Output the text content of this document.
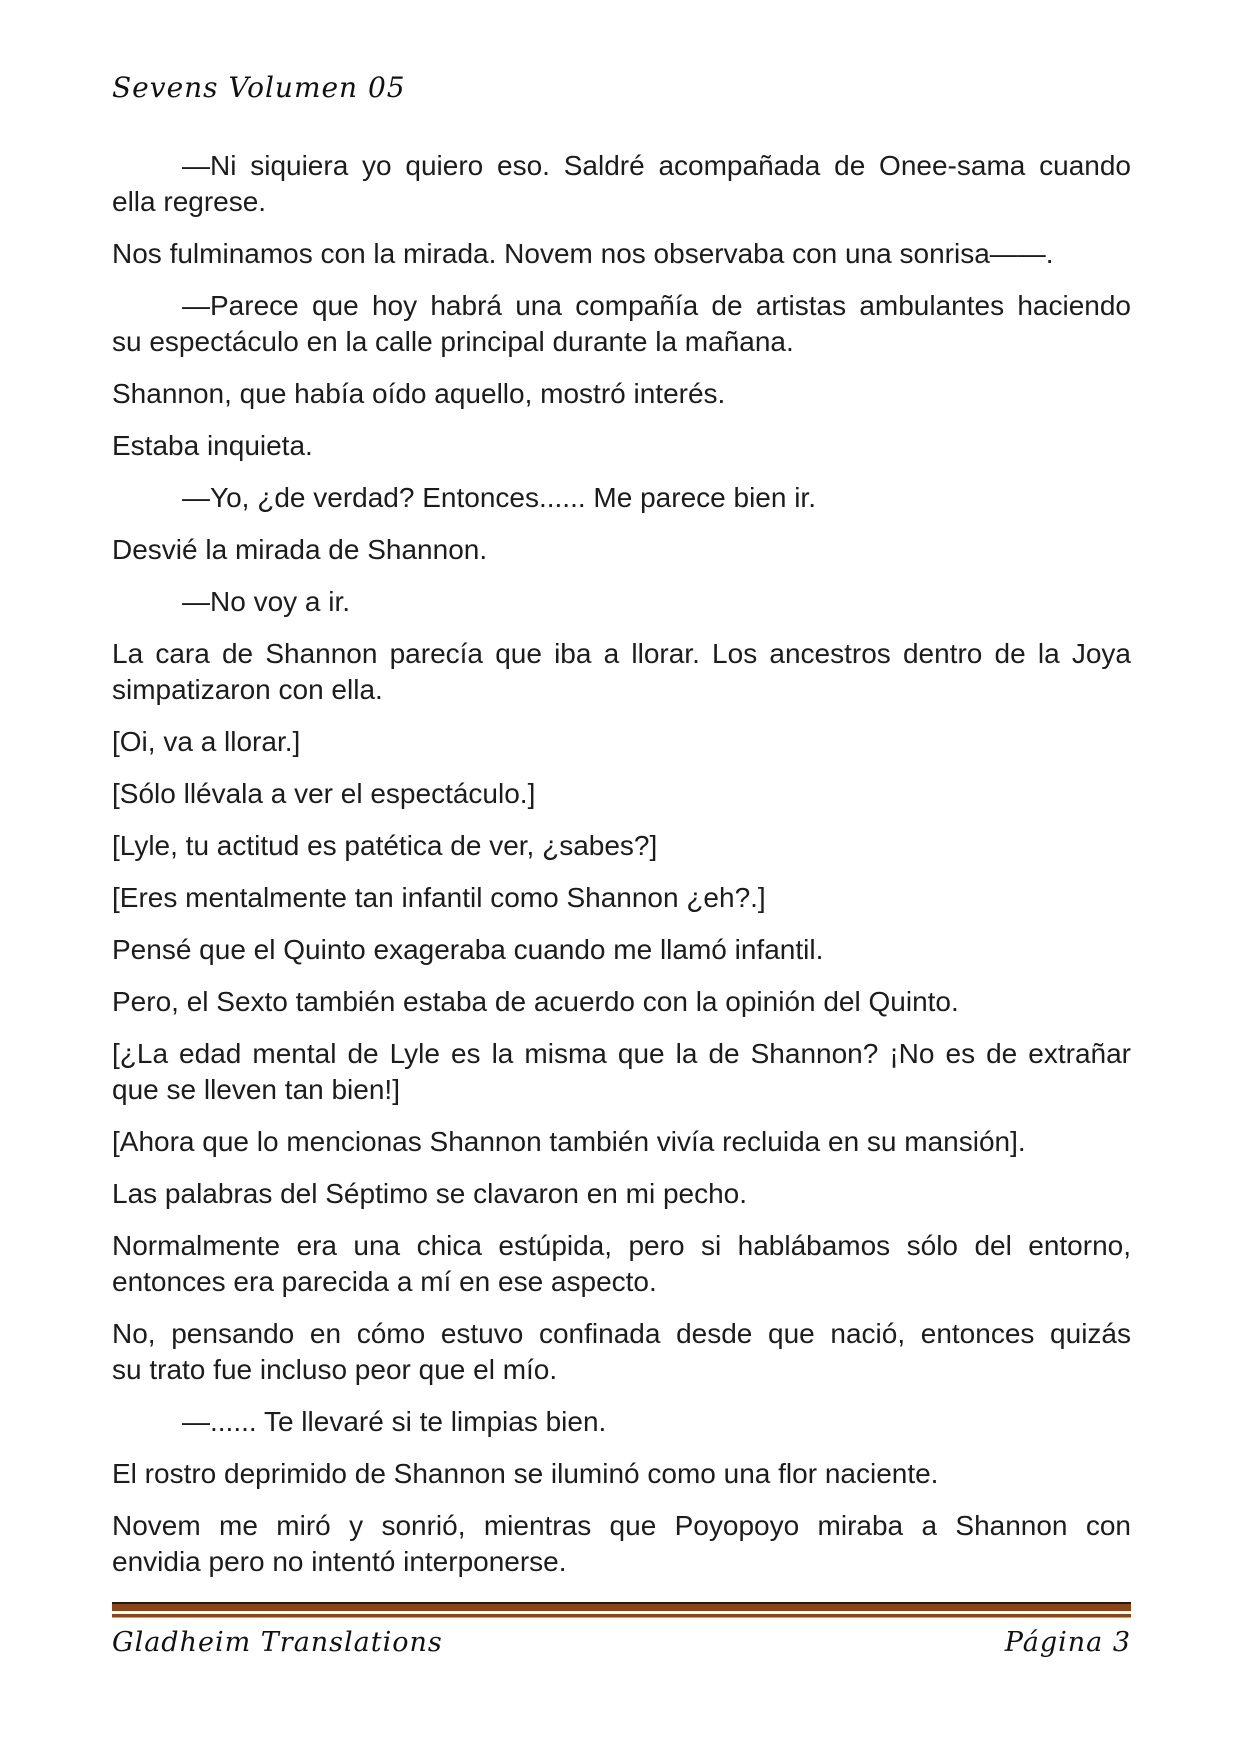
Sevens Volumen 05

—Ni siquiera yo quiero eso. Saldré acompañada de Onee-sama cuando
ella regrese.

Nos fulminamos con la mirada. Novem nos observaba con una sonrisa——.

—Parece que hoy habrá una compañía de artistas ambulantes haciendo
su espectáculo en la calle principal durante la mañana.

Shannon, que había oído aquello, mostró interés.

Estaba inquieta.

—Yo, ¿de verdad? Entonces...... Me parece bien ir.

Desvié la mirada de Shannon.

—No voy a ir.

La cara de Shannon parecía que iba a llorar. Los ancestros dentro de la Joya
simpatizaron con ella.

[Oi, va a llorar.]

[Sólo llévala a ver el espectáculo.]

[Lyle, tu actitud es patética de ver, ¿sabes?]

[Eres mentalmente tan infantil como Shannon ¿eh?.]

Pensé que el Quinto exageraba cuando me llamó infantil.

Pero, el Sexto también estaba de acuerdo con la opinión del Quinto.

[¿La edad mental de Lyle es la misma que la de Shannon? ¡No es de extrañar
que se lleven tan bien!]

[Ahora que lo mencionas Shannon también vivía recluida en su mansión].

Las palabras del Séptimo se clavaron en mi pecho.

Normalmente era una chica estúpida, pero si hablábamos sólo del entorno,
entonces era parecida a mí en ese aspecto.

No, pensando en cómo estuvo confinada desde que nació, entonces quizás
su trato fue incluso peor que el mío.

—...... Te llevaré si te limpias bien.

El rostro deprimido de Shannon se iluminó como una flor naciente.

Novem me miró y sonrió, mientras que Poyopoyo miraba a Shannon con
envidia pero no intentó interponerse.

Gladheim Translations	Página 3
